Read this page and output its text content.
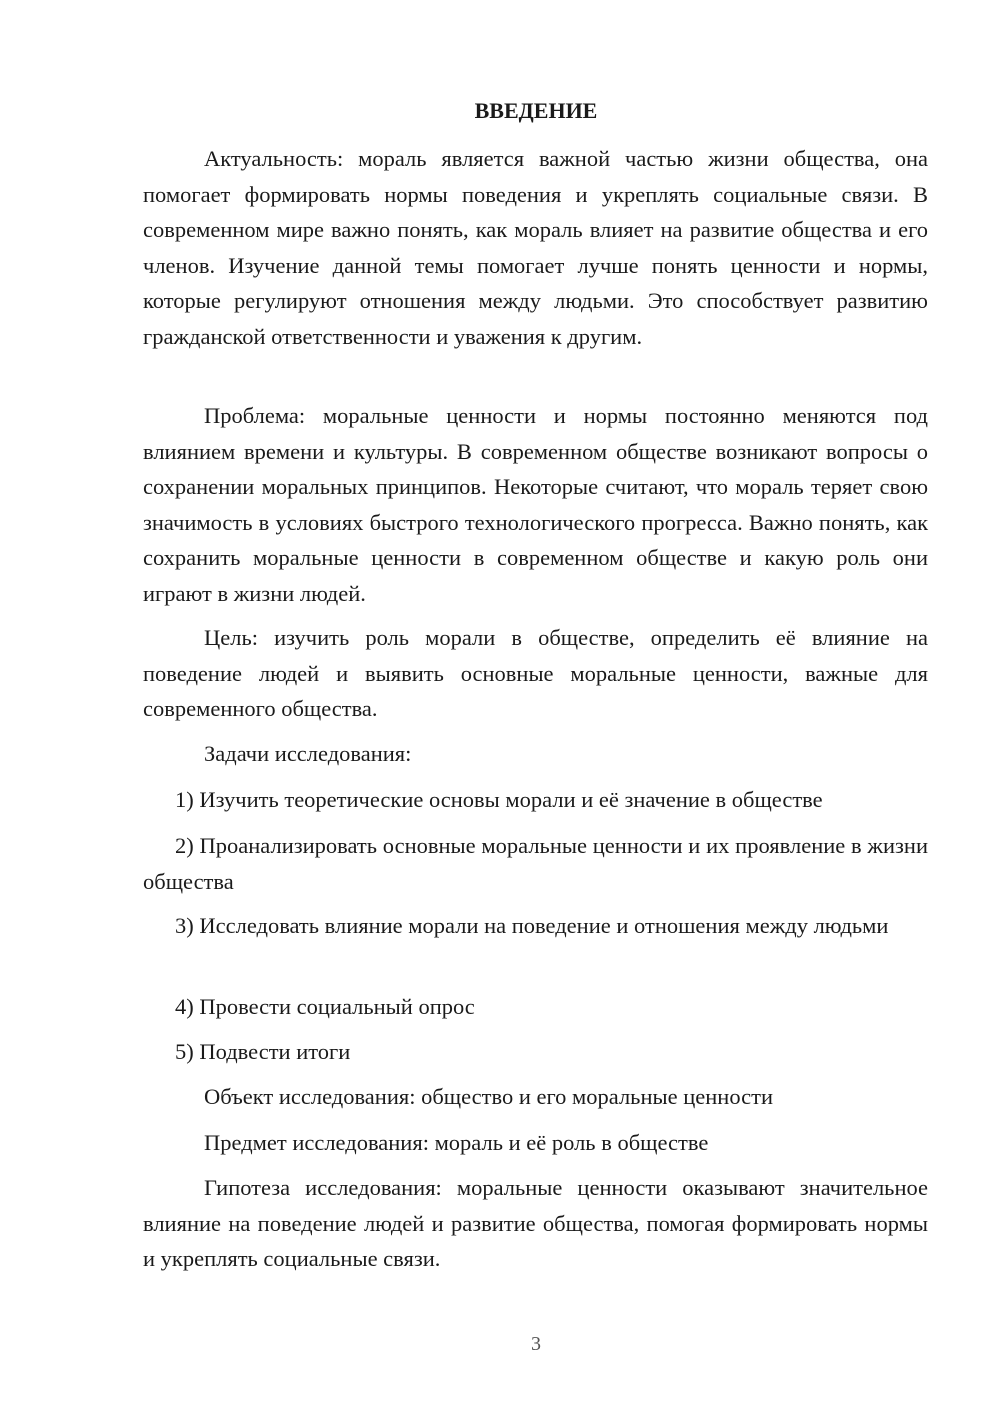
ВВЕДЕНИЕ

Актуальность: мораль является важной частью жизни общества, она помогает формировать нормы поведения и укреплять социальные связи. В современном мире важно понять, как мораль влияет на развитие общества и его членов. Изучение данной темы помогает лучше понять ценности и нормы, которые регулируют отношения между людьми. Это способствует развитию гражданской ответственности и уважения к другим.

Проблема: моральные ценности и нормы постоянно меняются под влиянием времени и культуры. В современном обществе возникают вопросы о сохранении моральных принципов. Некоторые считают, что мораль теряет свою значимость в условиях быстрого технологического прогресса. Важно понять, как сохранить моральные ценности в современном обществе и какую роль они играют в жизни людей.

Цель: изучить роль морали в обществе, определить её влияние на поведение людей и выявить основные моральные ценности, важные для современного общества.

Задачи исследования:

1) Изучить теоретические основы морали и её значение в обществе

2) Проанализировать основные моральные ценности и их проявление в жизни общества

3) Исследовать влияние морали на поведение и отношения между людьми

4) Провести социальный опрос

5) Подвести итоги

Объект исследования: общество и его моральные ценности

Предмет исследования: мораль и её роль в обществе

Гипотеза исследования: моральные ценности оказывают значительное влияние на поведение людей и развитие общества, помогая формировать нормы и укреплять социальные связи.

3
